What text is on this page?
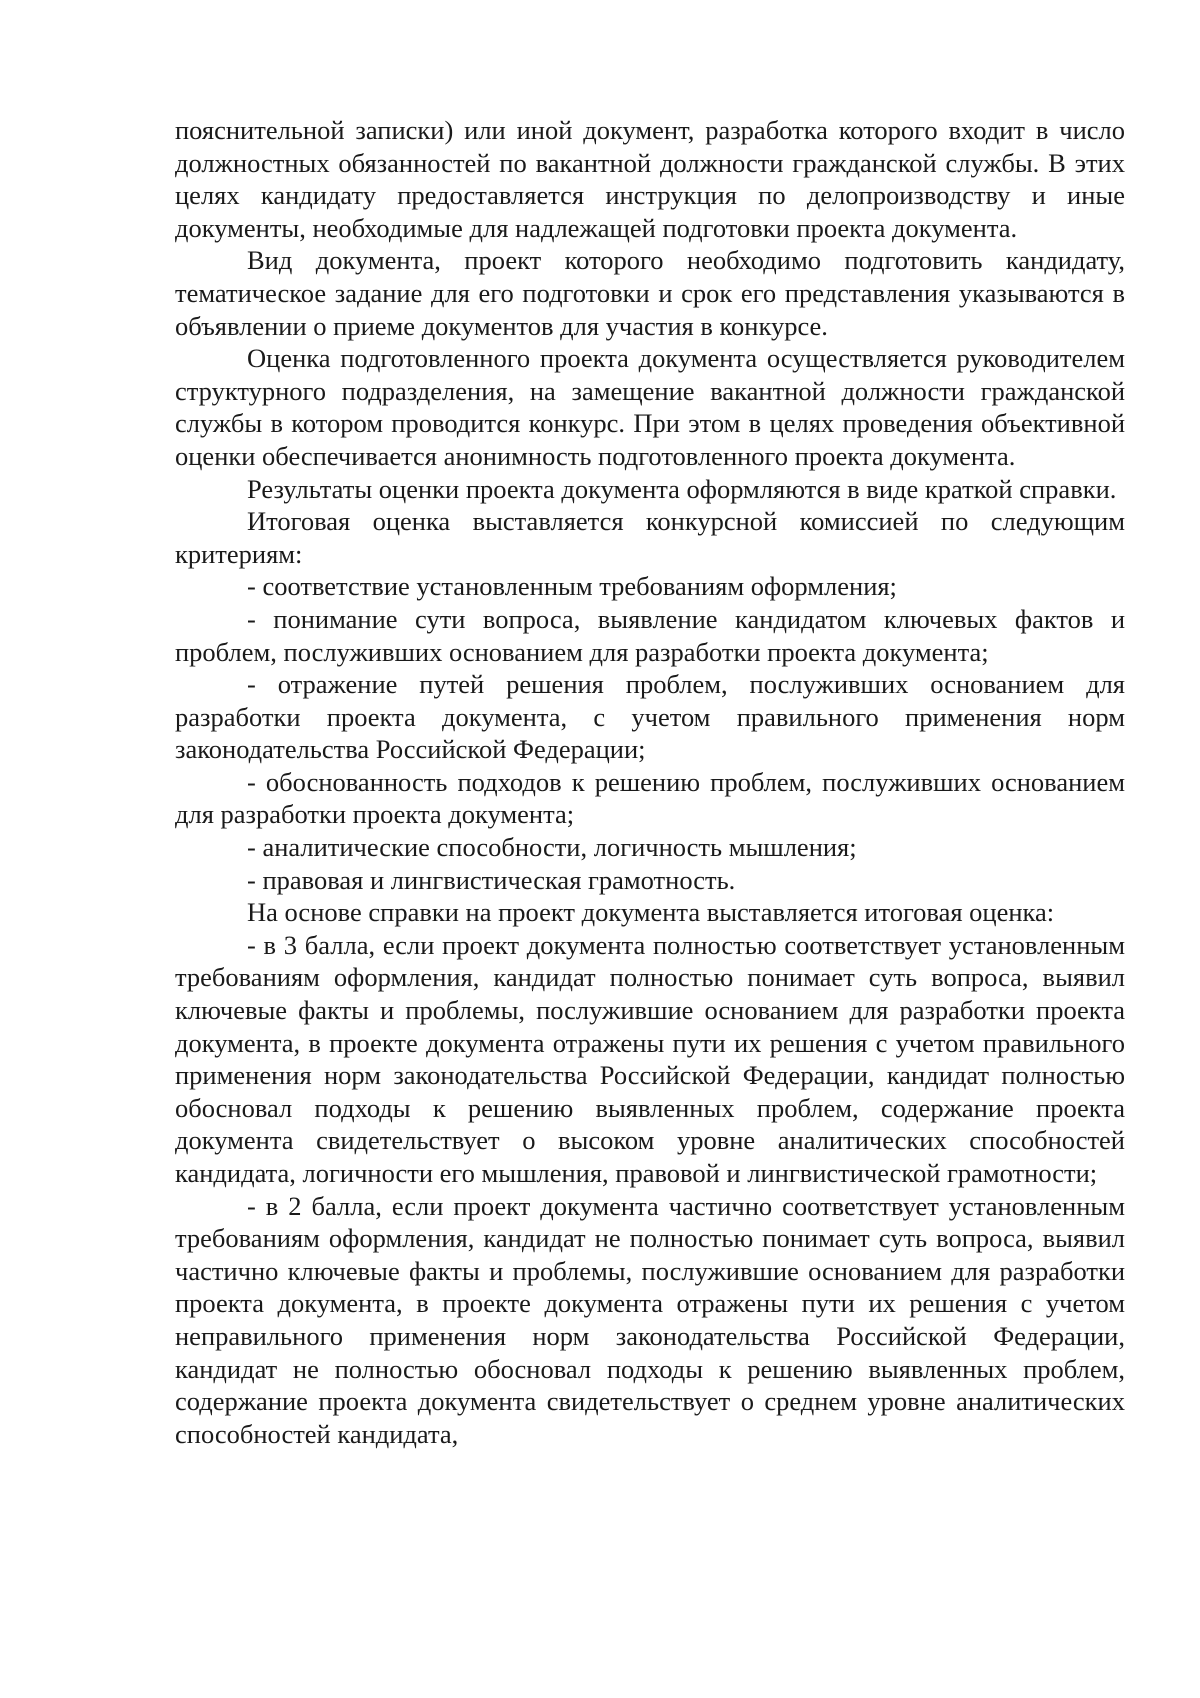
пояснительной записки) или иной документ, разработка которого входит в число должностных обязанностей по вакантной должности гражданской службы. В этих целях кандидату предоставляется инструкция по делопроизводству и иные документы, необходимые для надлежащей подготовки проекта документа.

Вид документа, проект которого необходимо подготовить кандидату, тематическое задание для его подготовки и срок его представления указываются в объявлении о приеме документов для участия в конкурсе.

Оценка подготовленного проекта документа осуществляется руководителем структурного подразделения, на замещение вакантной должности гражданской службы в котором проводится конкурс. При этом в целях проведения объективной оценки обеспечивается анонимность подготовленного проекта документа.

Результаты оценки проекта документа оформляются в виде краткой справки.

Итоговая оценка выставляется конкурсной комиссией по следующим критериям:

- соответствие установленным требованиям оформления;

- понимание сути вопроса, выявление кандидатом ключевых фактов и проблем, послуживших основанием для разработки проекта документа;

- отражение путей решения проблем, послуживших основанием для разработки проекта документа, с учетом правильного применения норм законодательства Российской Федерации;

- обоснованность подходов к решению проблем, послуживших основанием для разработки проекта документа;

- аналитические способности, логичность мышления;

- правовая и лингвистическая грамотность.

На основе справки на проект документа выставляется итоговая оценка:

- в 3 балла, если проект документа полностью соответствует установленным требованиям оформления, кандидат полностью понимает суть вопроса, выявил ключевые факты и проблемы, послужившие основанием для разработки проекта документа, в проекте документа отражены пути их решения с учетом правильного применения норм законодательства Российской Федерации, кандидат полностью обосновал подходы к решению выявленных проблем, содержание проекта документа свидетельствует о высоком уровне аналитических способностей кандидата, логичности его мышления, правовой и лингвистической грамотности;

- в 2 балла, если проект документа частично соответствует установленным требованиям оформления, кандидат не полностью понимает суть вопроса, выявил частично ключевые факты и проблемы, послужившие основанием для разработки проекта документа, в проекте документа отражены пути их решения с учетом неправильного применения норм законодательства Российской Федерации, кандидат не полностью обосновал подходы к решению выявленных проблем, содержание проекта документа свидетельствует о среднем уровне аналитических способностей кандидата,
